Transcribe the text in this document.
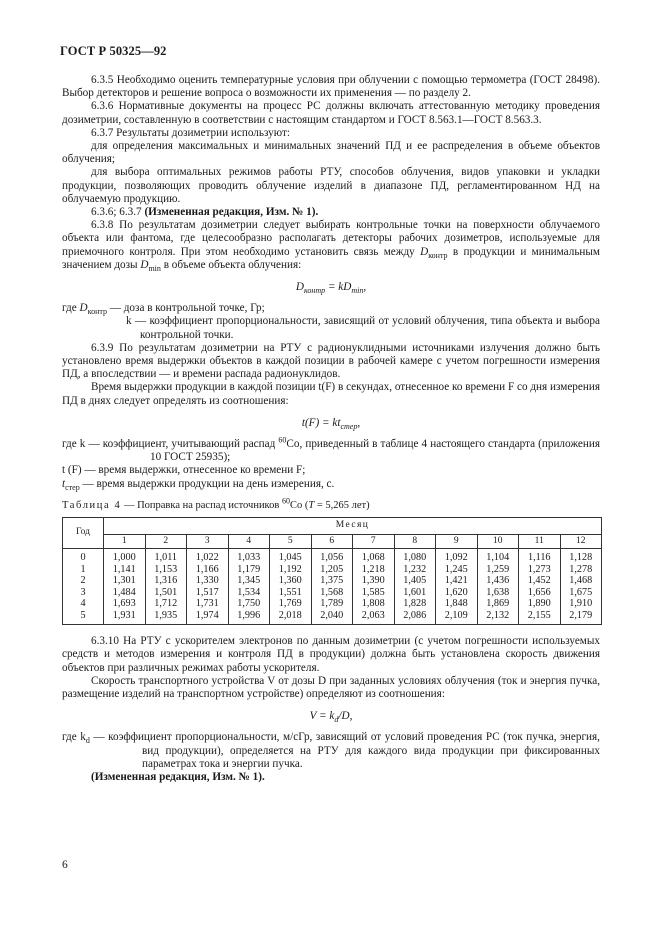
ГОСТ Р 50325—92

6.3.5 Необходимо оценить температурные условия при облучении с помощью термометра (ГОСТ 28498). Выбор детекторов и решение вопроса о возможности их применения — по разделу 2.

6.3.6 Нормативные документы на процесс РС должны включать аттестованную методику проведения дозиметрии, составленную в соответствии с настоящим стандартом и ГОСТ 8.563.1—ГОСТ 8.563.3.

6.3.7 Результаты дозиметрии используют:

для определения максимальных и минимальных значений ПД и ее распределения в объеме объектов облучения;

для выбора оптимальных режимов работы РТУ, способов облучения, видов упаковки и укладки продукции, позволяющих проводить облучение изделий в диапазоне ПД, регламентированном НД на облучаемую продукцию.

6.3.6; 6.3.7 (Измененная редакция, Изм. № 1).

6.3.8 По результатам дозиметрии следует выбирать контрольные точки на поверхности облучаемого объекта или фантома, где целесообразно располагать детекторы рабочих дозиметров, используемые для приемочного контроля. При этом необходимо установить связь между $D_{контр}$ в продукции и минимальным значением дозы $D_{min}$ в объеме объекта облучения:

$D_{контр} = kD_{min}$,

где $D_{контр}$ — доза в контрольной точке, Гр;

k — коэффициент пропорциональности, зависящий от условий облучения, типа объекта и выбора контрольной точки.

6.3.9 По результатам дозиметрии на РТУ с радионуклидными источниками излучения должно быть установлено время выдержки объектов в каждой позиции в рабочей камере с учетом погрешности измерения ПД, а впоследствии — и времени распада радионуклидов.

Время выдержки продукции в каждой позиции t(F) в секундах, отнесенное ко времени F со дня измерения ПД в днях следует определять из соотношения:

$t(F) = kt_{стер}$,

где k — коэффициент, учитывающий распад $^{60}$Со, приведенный в таблице 4 настоящего стандарта (приложения 10 ГОСТ 25935);

t (F) — время выдержки, отнесенное ко времени F;

$t_{стер}$ — время выдержки продукции на день измерения, с.

Таблица 4 — Поправка на распад источников $^{60}$Со (T = 5,265 лет)
Год	Месяц											
	1	2	3	4	5	6	7	8	9	10	11	12
0	1,000	1,011	1,022	1,033	1,045	1,056	1,068	1,080	1,092	1,104	1,116	1,128
1	1,141	1,153	1,166	1,179	1,192	1,205	1,218	1,232	1,245	1,259	1,273	1,278
2	1,301	1,316	1,330	1,345	1,360	1,375	1,390	1,405	1,421	1,436	1,452	1,468
3	1,484	1,501	1,517	1,534	1,551	1,568	1,585	1,601	1,620	1,638	1,656	1,675
4	1,693	1,712	1,731	1,750	1,769	1,789	1,808	1,828	1,848	1,869	1,890	1,910
5	1,931	1,935	1,974	1,996	2,018	2,040	2,063	2,086	2,109	2,132	2,155	2,179

6.3.10 На РТУ с ускорителем электронов по данным дозиметрии (с учетом погрешности используемых средств и методов измерения и контроля ПД в продукции) должна быть установлена скорость движения объектов при различных режимах работы ускорителя.

Скорость транспортного устройства V от дозы D при заданных условиях облучения (ток и энергия пучка, размещение изделий на транспортном устройстве) определяют из соотношения:

$V = k_d/D$,

где $k_d$ — коэффициент пропорциональности, м/сГр, зависящий от условий проведения РС (ток пучка, энергия, вид продукции), определяется на РТУ для каждого вида продукции при фиксированных параметрах тока и энергии пучка.

(Измененная редакция, Изм. № 1).

6
